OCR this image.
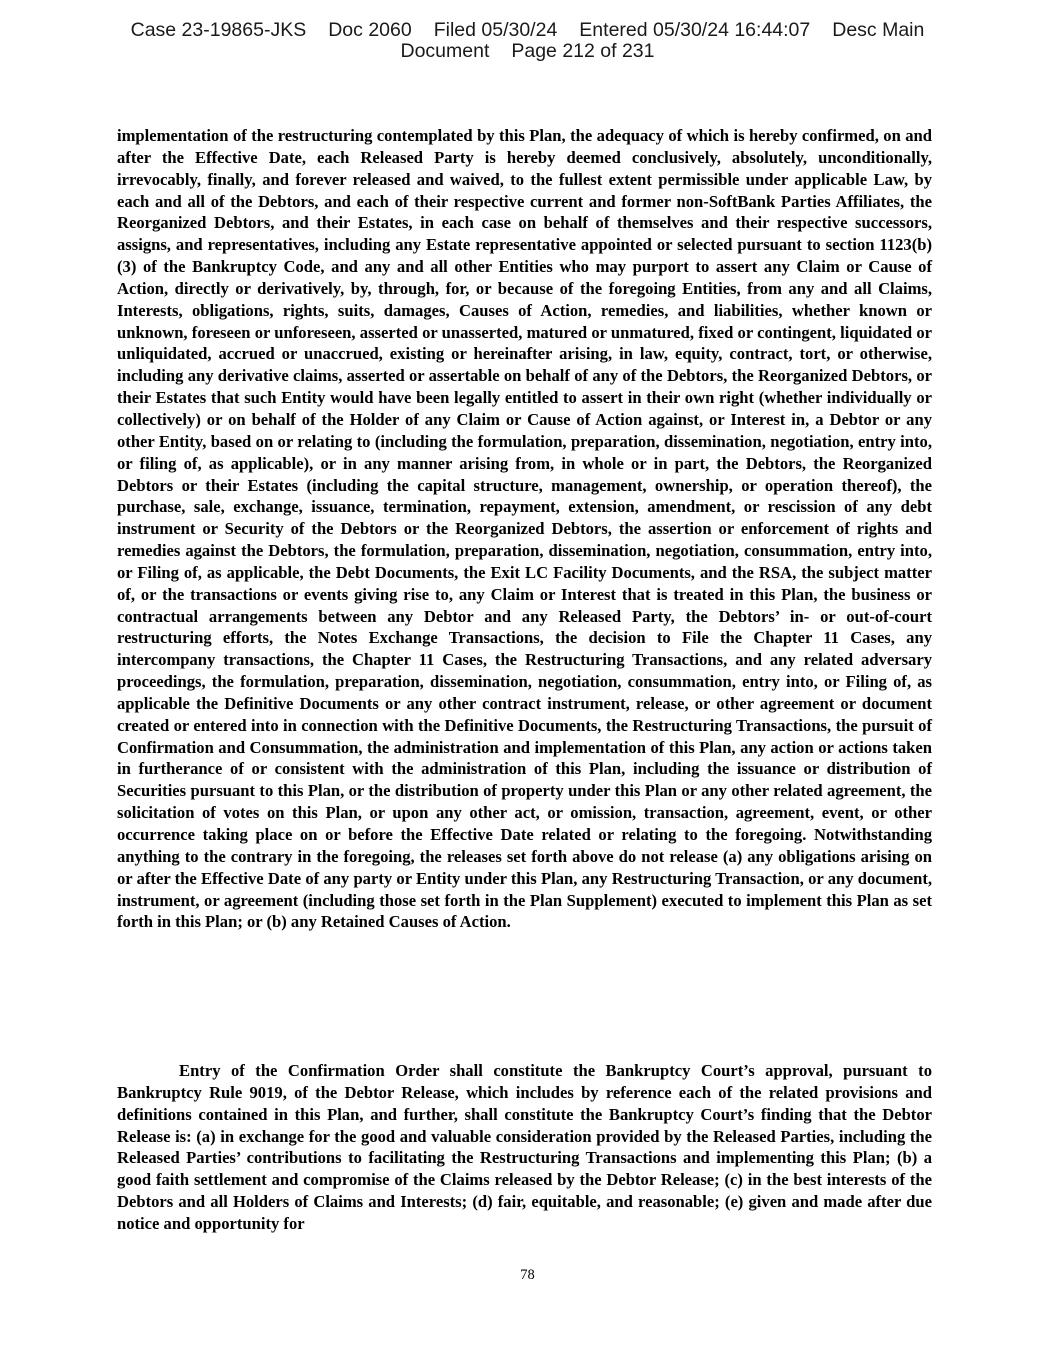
Case 23-19865-JKS Doc 2060 Filed 05/30/24 Entered 05/30/24 16:44:07 Desc Main
Document Page 212 of 231
implementation of the restructuring contemplated by this Plan, the adequacy of which is hereby confirmed, on and after the Effective Date, each Released Party is hereby deemed conclusively, absolutely, unconditionally, irrevocably, finally, and forever released and waived, to the fullest extent permissible under applicable Law, by each and all of the Debtors, and each of their respective current and former non-SoftBank Parties Affiliates, the Reorganized Debtors, and their Estates, in each case on behalf of themselves and their respective successors, assigns, and representatives, including any Estate representative appointed or selected pursuant to section 1123(b)(3) of the Bankruptcy Code, and any and all other Entities who may purport to assert any Claim or Cause of Action, directly or derivatively, by, through, for, or because of the foregoing Entities, from any and all Claims, Interests, obligations, rights, suits, damages, Causes of Action, remedies, and liabilities, whether known or unknown, foreseen or unforeseen, asserted or unasserted, matured or unmatured, fixed or contingent, liquidated or unliquidated, accrued or unaccrued, existing or hereinafter arising, in law, equity, contract, tort, or otherwise, including any derivative claims, asserted or assertable on behalf of any of the Debtors, the Reorganized Debtors, or their Estates that such Entity would have been legally entitled to assert in their own right (whether individually or collectively) or on behalf of the Holder of any Claim or Cause of Action against, or Interest in, a Debtor or any other Entity, based on or relating to (including the formulation, preparation, dissemination, negotiation, entry into, or filing of, as applicable), or in any manner arising from, in whole or in part, the Debtors, the Reorganized Debtors or their Estates (including the capital structure, management, ownership, or operation thereof), the purchase, sale, exchange, issuance, termination, repayment, extension, amendment, or rescission of any debt instrument or Security of the Debtors or the Reorganized Debtors, the assertion or enforcement of rights and remedies against the Debtors, the formulation, preparation, dissemination, negotiation, consummation, entry into, or Filing of, as applicable, the Debt Documents, the Exit LC Facility Documents, and the RSA, the subject matter of, or the transactions or events giving rise to, any Claim or Interest that is treated in this Plan, the business or contractual arrangements between any Debtor and any Released Party, the Debtors’ in- or out-of-court restructuring efforts, the Notes Exchange Transactions, the decision to File the Chapter 11 Cases, any intercompany transactions, the Chapter 11 Cases, the Restructuring Transactions, and any related adversary proceedings, the formulation, preparation, dissemination, negotiation, consummation, entry into, or Filing of, as applicable the Definitive Documents or any other contract instrument, release, or other agreement or document created or entered into in connection with the Definitive Documents, the Restructuring Transactions, the pursuit of Confirmation and Consummation, the administration and implementation of this Plan, any action or actions taken in furtherance of or consistent with the administration of this Plan, including the issuance or distribution of Securities pursuant to this Plan, or the distribution of property under this Plan or any other related agreement, the solicitation of votes on this Plan, or upon any other act, or omission, transaction, agreement, event, or other occurrence taking place on or before the Effective Date related or relating to the foregoing. Notwithstanding anything to the contrary in the foregoing, the releases set forth above do not release (a) any obligations arising on or after the Effective Date of any party or Entity under this Plan, any Restructuring Transaction, or any document, instrument, or agreement (including those set forth in the Plan Supplement) executed to implement this Plan as set forth in this Plan; or (b) any Retained Causes of Action.
Entry of the Confirmation Order shall constitute the Bankruptcy Court’s approval, pursuant to Bankruptcy Rule 9019, of the Debtor Release, which includes by reference each of the related provisions and definitions contained in this Plan, and further, shall constitute the Bankruptcy Court’s finding that the Debtor Release is: (a) in exchange for the good and valuable consideration provided by the Released Parties, including the Released Parties’ contributions to facilitating the Restructuring Transactions and implementing this Plan; (b) a good faith settlement and compromise of the Claims released by the Debtor Release; (c) in the best interests of the Debtors and all Holders of Claims and Interests; (d) fair, equitable, and reasonable; (e) given and made after due notice and opportunity for
78
